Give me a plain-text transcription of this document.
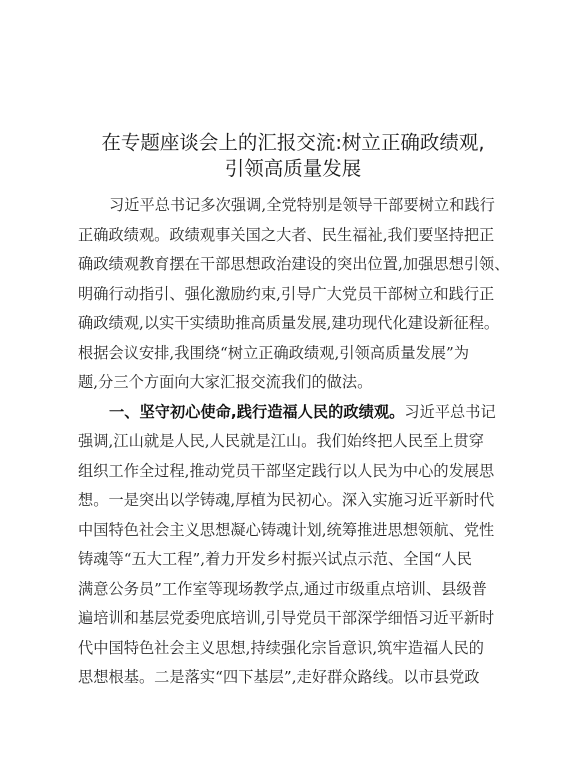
在专题座谈会上的汇报交流:树立正确政绩观,
引领高质量发展
习近平总书记多次强调,全党特别是领导干部要树立和践行
正确政绩观。政绩观事关国之大者、民生福祉,我们要坚持把正
确政绩观教育摆在干部思想政治建设的突出位置,加强思想引领、
明确行动指引、强化激励约束,引导广大党员干部树立和践行正
确政绩观,以实干实绩助推高质量发展,建功现代化建设新征程。
根据会议安排,我围绕“树立正确政绩观,引领高质量发展”为
题,分三个方面向大家汇报交流我们的做法。
一、坚守初心使命,践行造福人民的政绩观。习近平总书记
强调,江山就是人民,人民就是江山。我们始终把人民至上贯穿
组织工作全过程,推动党员干部坚定践行以人民为中心的发展思
想。一是突出以学铸魂,厚植为民初心。深入实施习近平新时代
中国特色社会主义思想凝心铸魂计划,统筹推进思想领航、党性
铸魂等“五大工程”,着力开发乡村振兴试点示范、全国“人民
满意公务员”工作室等现场教学点,通过市级重点培训、县级普
遍培训和基层党委兜底培训,引导党员干部深学细悟习近平新时
代中国特色社会主义思想,持续强化宗旨意识,筑牢造福人民的
思想根基。二是落实“四下基层”,走好群众路线。以市县党政
